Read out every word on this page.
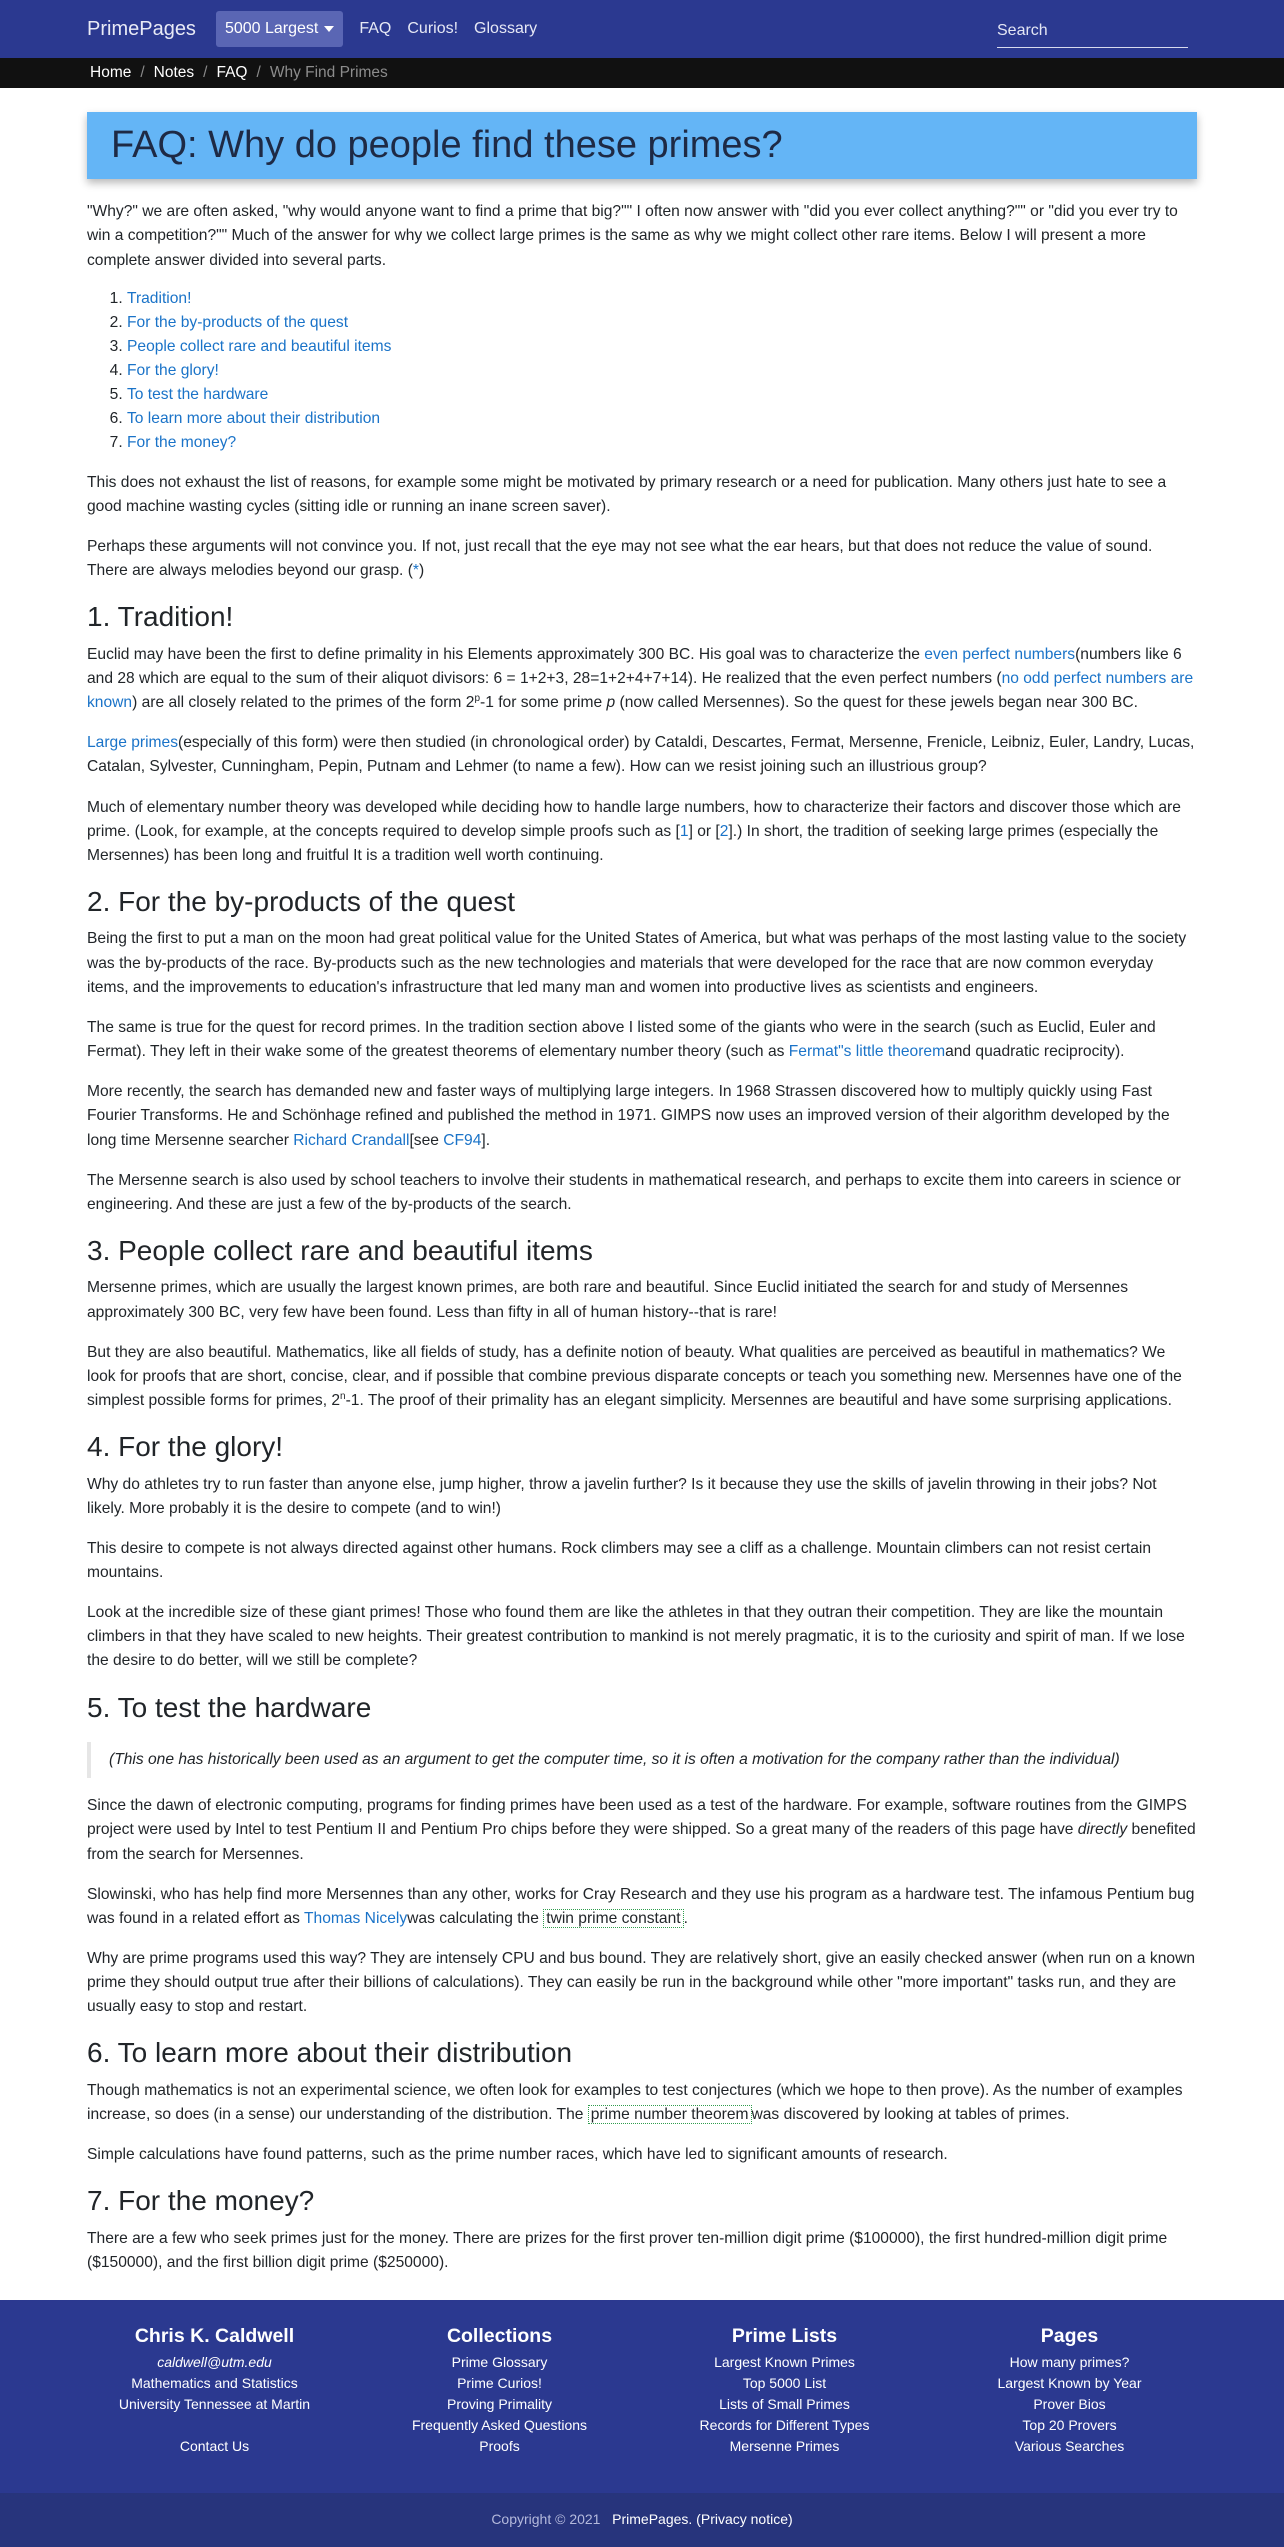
PrimePages 5000 Largest	FAQ	Curios!	Glossary	Search
Home / Notes / FAQ / Why Find Primes
FAQ: Why do people find these primes?

"Why?" we are often asked, "why would anyone want to find a prime that big?"" I often now answer with "did you ever collect anything?"" or "did you ever try to win a competition?"" Much of the answer for why we collect large primes is the same as why we might collect other rare items. Below I will present a more complete answer divided into several parts.

1. Tradition!
2. For the by-products of the quest
3. People collect rare and beautiful items
4. For the glory!
5. To test the hardware
6. To learn more about their distribution
7. For the money?

This does not exhaust the list of reasons, for example some might be motivated by primary research or a need for publication. Many others just hate to see a good machine wasting cycles (sitting idle or running an inane screen saver).

Perhaps these arguments will not convince you. If not, just recall that the eye may not see what the ear hears, but that does not reduce the value of sound. There are always melodies beyond our grasp. (*)

1. Tradition!

Euclid may have been the first to define primality in his Elements approximately 300 BC. His goal was to characterize the even perfect numbers(numbers like 6 and 28 which are equal to the sum of their aliquot divisors: 6 = 1+2+3, 28=1+2+4+7+14). He realized that the even perfect numbers (no odd perfect numbers are known) are all closely related to the primes of the form 2$^p$-1 for some prime p (now called Mersennes). So the quest for these jewels began near 300 BC.

Large primes(especially of this form) were then studied (in chronological order) by Cataldi, Descartes, Fermat, Mersenne, Frenicle, Leibniz, Euler, Landry, Lucas, Catalan, Sylvester, Cunningham, Pepin, Putnam and Lehmer (to name a few). How can we resist joining such an illustrious group?

Much of elementary number theory was developed while deciding how to handle large numbers, how to characterize their factors and discover those which are prime. (Look, for example, at the concepts required to develop simple proofs such as [1] or [2].) In short, the tradition of seeking large primes (especially the Mersennes) has been long and fruitful It is a tradition well worth continuing.

2. For the by-products of the quest

Being the first to put a man on the moon had great political value for the United States of America, but what was perhaps of the most lasting value to the society was the by-products of the race. By-products such as the new technologies and materials that were developed for the race that are now common everyday items, and the improvements to education's infrastructure that led many man and women into productive lives as scientists and engineers.

The same is true for the quest for record primes. In the tradition section above I listed some of the giants who were in the search (such as Euclid, Euler and Fermat). They left in their wake some of the greatest theorems of elementary number theory (such as Fermat"s little theoremand quadratic reciprocity).

More recently, the search has demanded new and faster ways of multiplying large integers. In 1968 Strassen discovered how to multiply quickly using Fast Fourier Transforms. He and Schönhage refined and published the method in 1971. GIMPS now uses an improved version of their algorithm developed by the long time Mersenne searcher Richard Crandall[see CF94].

The Mersenne search is also used by school teachers to involve their students in mathematical research, and perhaps to excite them into careers in science or engineering. And these are just a few of the by-products of the search.

3. People collect rare and beautiful items

Mersenne primes, which are usually the largest known primes, are both rare and beautiful. Since Euclid initiated the search for and study of Mersennes approximately 300 BC, very few have been found. Less than fifty in all of human history--that is rare!

But they are also beautiful. Mathematics, like all fields of study, has a definite notion of beauty. What qualities are perceived as beautiful in mathematics? We look for proofs that are short, concise, clear, and if possible that combine previous disparate concepts or teach you something new. Mersennes have one of the simplest possible forms for primes, 2$^n$-1. The proof of their primality has an elegant simplicity. Mersennes are beautiful and have some surprising applications.

4. For the glory!

Why do athletes try to run faster than anyone else, jump higher, throw a javelin further? Is it because they use the skills of javelin throwing in their jobs? Not likely. More probably it is the desire to compete (and to win!)

This desire to compete is not always directed against other humans. Rock climbers may see a cliff as a challenge. Mountain climbers can not resist certain mountains.

Look at the incredible size of these giant primes! Those who found them are like the athletes in that they outran their competition. They are like the mountain climbers in that they have scaled to new heights. Their greatest contribution to mankind is not merely pragmatic, it is to the curiosity and spirit of man. If we lose the desire to do better, will we still be complete?

5. To test the hardware
(This one has historically been used as an argument to get the computer time, so it is often a motivation for the company rather than the individual)

Since the dawn of electronic computing, programs for finding primes have been used as a test of the hardware. For example, software routines from the GIMPS project were used by Intel to test Pentium II and Pentium Pro chips before they were shipped. So a great many of the readers of this page have directly benefited from the search for Mersennes.

Slowinski, who has help find more Mersennes than any other, works for Cray Research and they use his program as a hardware test. The infamous Pentium bug was found in a related effort as Thomas Nicelywas calculating the twin prime constant .

Why are prime programs used this way? They are intensely CPU and bus bound. They are relatively short, give an easily checked answer (when run on a known prime they should output true after their billions of calculations). They can easily be run in the background while other "more important" tasks run, and they are usually easy to stop and restart.

6. To learn more about their distribution

Though mathematics is not an experimental science, we often look for examples to test conjectures (which we hope to then prove). As the number of examples increase, so does (in a sense) our understanding of the distribution. The prime number theorem was discovered by looking at tables of primes.

Simple calculations have found patterns, such as the prime number races, which have led to significant amounts of research.

7. For the money?

There are a few who seek primes just for the money. There are prizes for the first prover ten-million digit prime ($100000), the first hundred-million digit prime ($150000), and the first billion digit prime ($250000).

Chris K. Caldwell
caldwell@utm.edu
Mathematics and Statistics
University Tennessee at Martin
Contact Us
Collections
Prime Glossary
Prime Curios!
Proving Primality
Frequently Asked Questions
Proofs
Prime Lists
Largest Known Primes
Top 5000 List
Lists of Small Primes
Records for Different Types
Mersenne Primes
Pages
How many primes?
Largest Known by Year
Prover Bios
Top 20 Provers
Various Searches
Copyright © 2021
PrimePages . ( Privacy notice )
